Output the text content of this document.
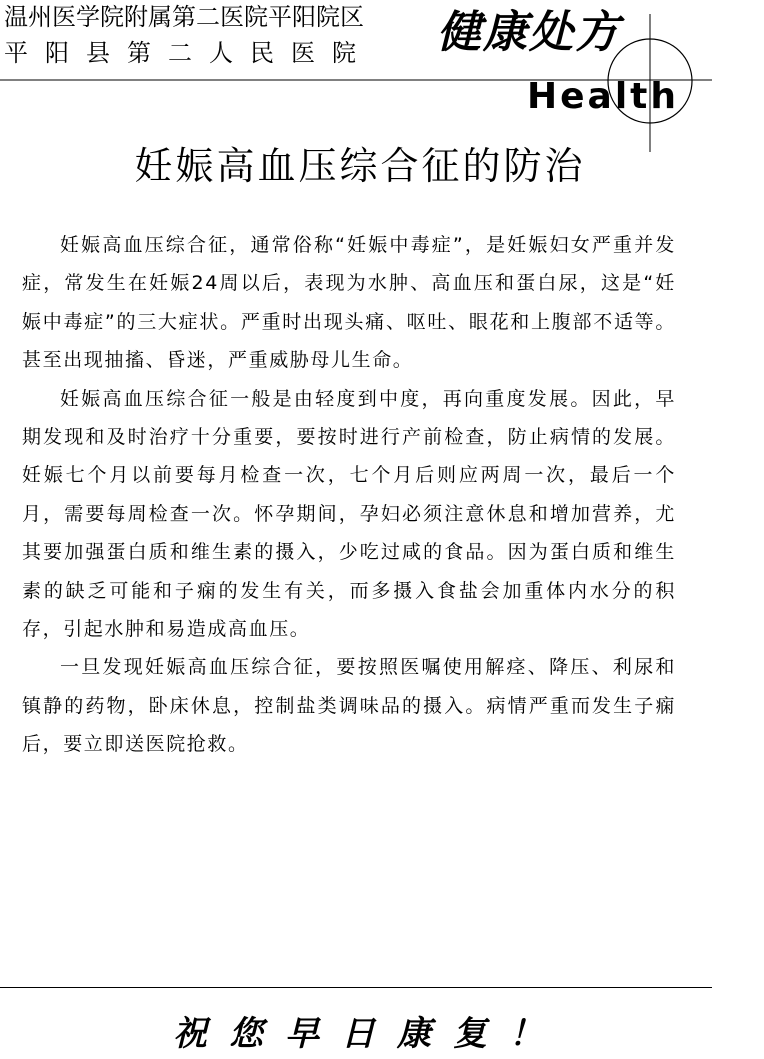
温州医学院附属第二医院平阳院区
平阳县第二人民医院 健康处方
Health
妊娠高血压综合征的防治

妊娠高血压综合征，通常俗称“妊娠中毒症”，是妊娠妇女严重并发症，常发生在妊娠24周以后，表现为水肿、高血压和蛋白尿，这是“妊娠中毒症”的三大症状。严重时出现头痛、呕吐、眼花和上腹部不适等。甚至出现抽搐、昏迷，严重威胁母儿生命。

妊娠高血压综合征一般是由轻度到中度，再向重度发展。因此，早期发现和及时治疗十分重要，要按时进行产前检查，防止病情的发展。妊娠七个月以前要每月检查一次，七个月后则应两周一次，最后一个月，需要每周检查一次。怀孕期间，孕妇必须注意休息和增加营养，尤其要加强蛋白质和维生素的摄入，少吃过咸的食品。因为蛋白质和维生素的缺乏可能和子痫的发生有关，而多摄入食盐会加重体内水分的积存，引起水肿和易造成高血压。

一旦发现妊娠高血压综合征，要按照医嘱使用解痉、降压、利尿和镇静的药物，卧床休息，控制盐类调味品的摄入。病情严重而发生子痫后，要立即送医院抢救。

祝您早日康复！
